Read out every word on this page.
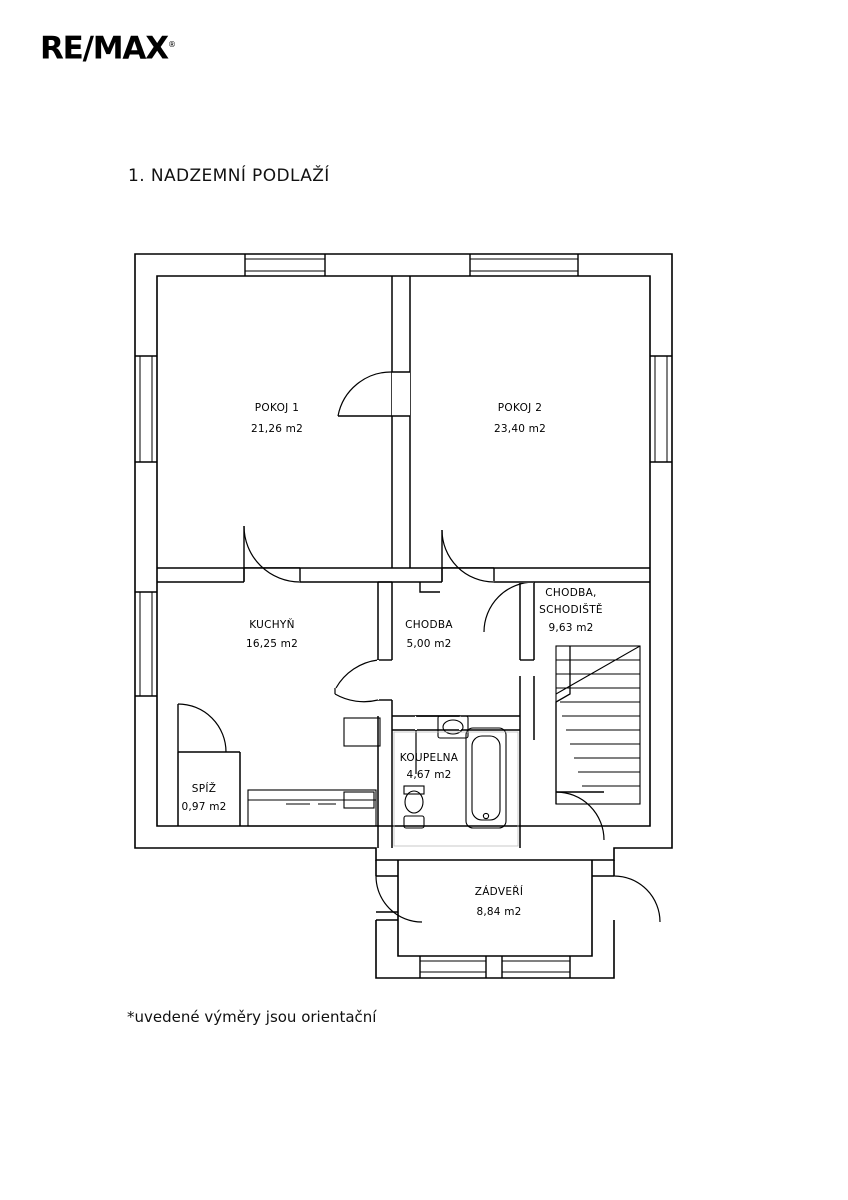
RE/MAX®
1. NADZEMNÍ PODLAŽÍ
POKOJ 1
21,26 m2
POKOJ 2
23,40 m2
KUCHYŇ
16,25 m2
CHODBA
5,00 m2
CHODBA,
SCHODIŠTĚ
9,63 m2
KOUPELNA
4,67 m2
SPÍŽ
0,97 m2
ZÁDVEŘÍ
8,84 m2
*uvedené výměry jsou orientační
